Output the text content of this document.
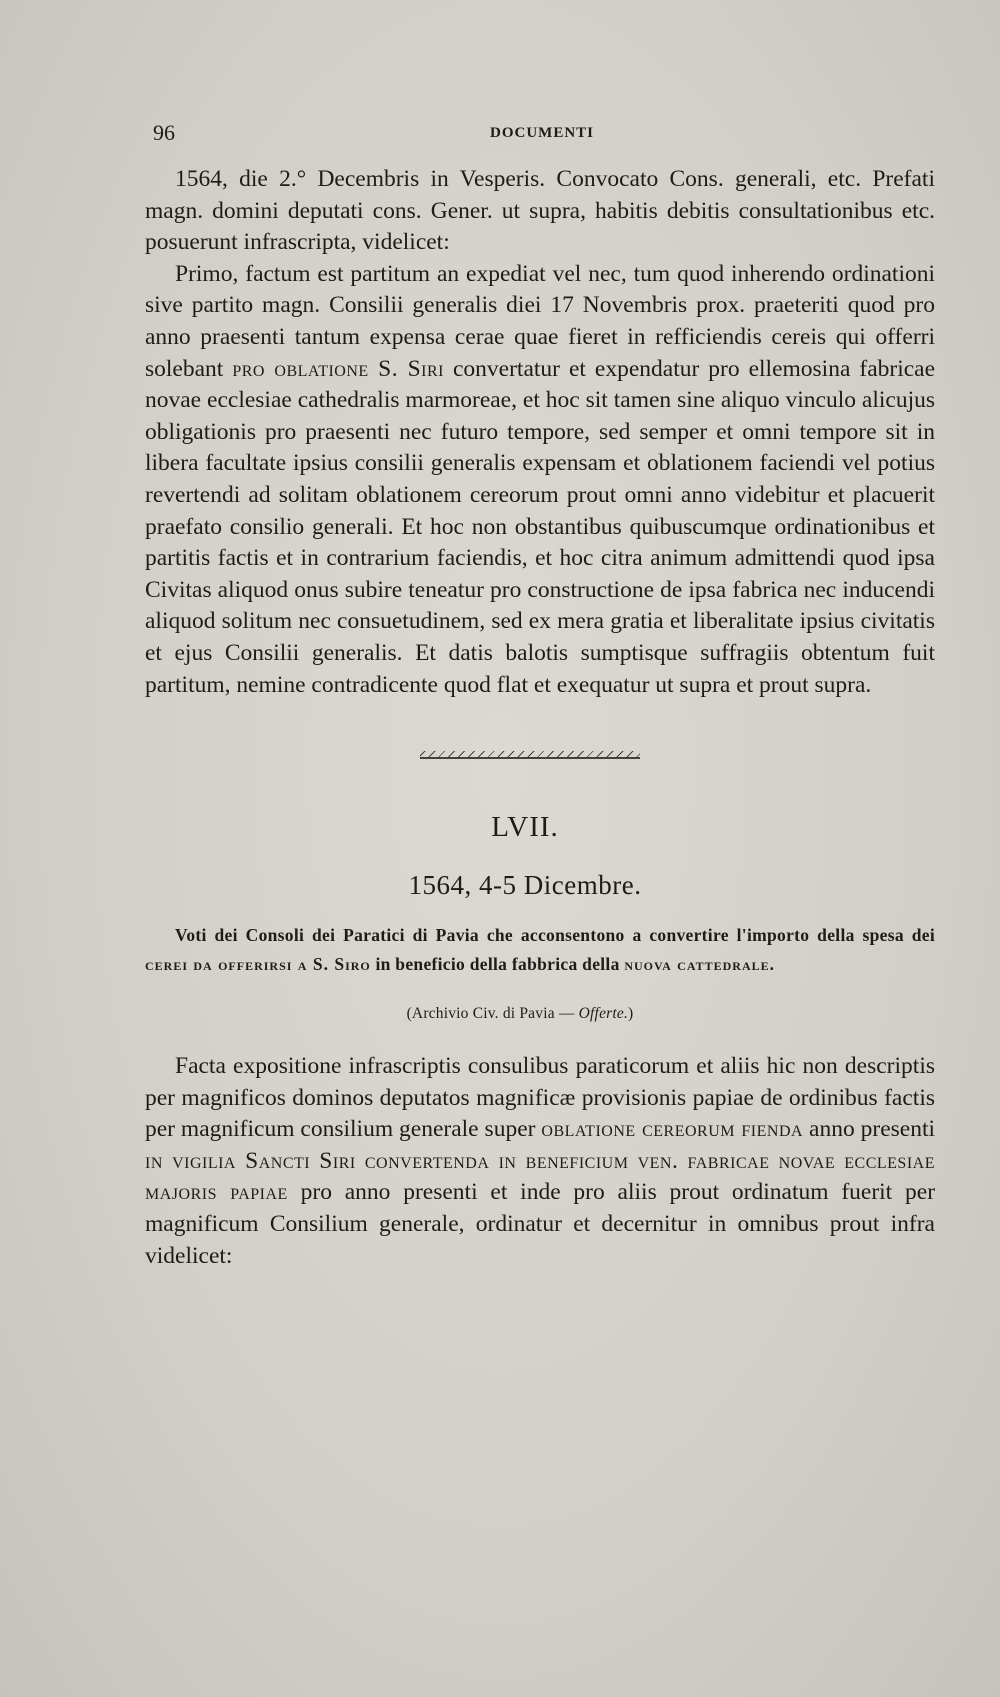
96	DOCUMENTI

1564, die 2.° Decembris in Vesperis. Convocato Cons. generali, etc. Prefati magn. domini deputati cons. Gener. ut supra, habitis debitis consultationibus etc. posuerunt infrascripta, videlicet:

Primo, factum est partitum an expediat vel nec, tum quod inherendo ordinationi sive partito magn. Consilii generalis diei 17 Novembris prox. praeteriti quod pro anno praesenti tantum expensa cerae quae fieret in refficiendis cereis qui offerri solebant pro oblatione S. Siri convertatur et expendatur pro ellemosina fabricae novae ecclesiae cathedralis marmoreae, et hoc sit tamen sine aliquo vinculo alicujus obligationis pro praesenti nec futuro tempore, sed semper et omni tempore sit in libera facultate ipsius consilii generalis expensam et oblationem faciendi vel potius revertendi ad solitam oblationem cereorum prout omni anno videbitur et placuerit praefato consilio generali. Et hoc non obstantibus quibuscumque ordinationibus et partitis factis et in contrarium faciendis, et hoc citra animum admittendi quod ipsa Civitas aliquod onus subire teneatur pro constructione de ipsa fabrica nec inducendi aliquod solitum nec consuetudinem, sed ex mera gratia et liberalitate ipsius civitatis et ejus Consilii generalis. Et datis balotis sumptisque suffragiis obtentum fuit partitum, nemine contradicente quod flat et exequatur ut supra et prout supra.

LVII.
1564, 4-5 Dicembre.

Voti dei Consoli dei Paratici di Pavia che acconsentono a convertire l'importo della spesa dei cerei da offerirsi a S. Siro in beneficio della fabbrica della nuova cattedrale.

(Archivio Civ. di Pavia — Offerte.)

Facta expositione infrascriptis consulibus paraticorum et aliis hic non descriptis per magnificos dominos deputatos magnificæ provisionis papiae de ordinibus factis per magnificum consilium generale super oblatione cereorum fienda anno presenti in vigilia Sancti Siri convertenda in beneficium ven. fabricae novae ecclesiae majoris papiae pro anno presenti et inde pro aliis prout ordinatum fuerit per magnificum Consilium generale, ordinatur et decernitur in omnibus prout infra videlicet:
